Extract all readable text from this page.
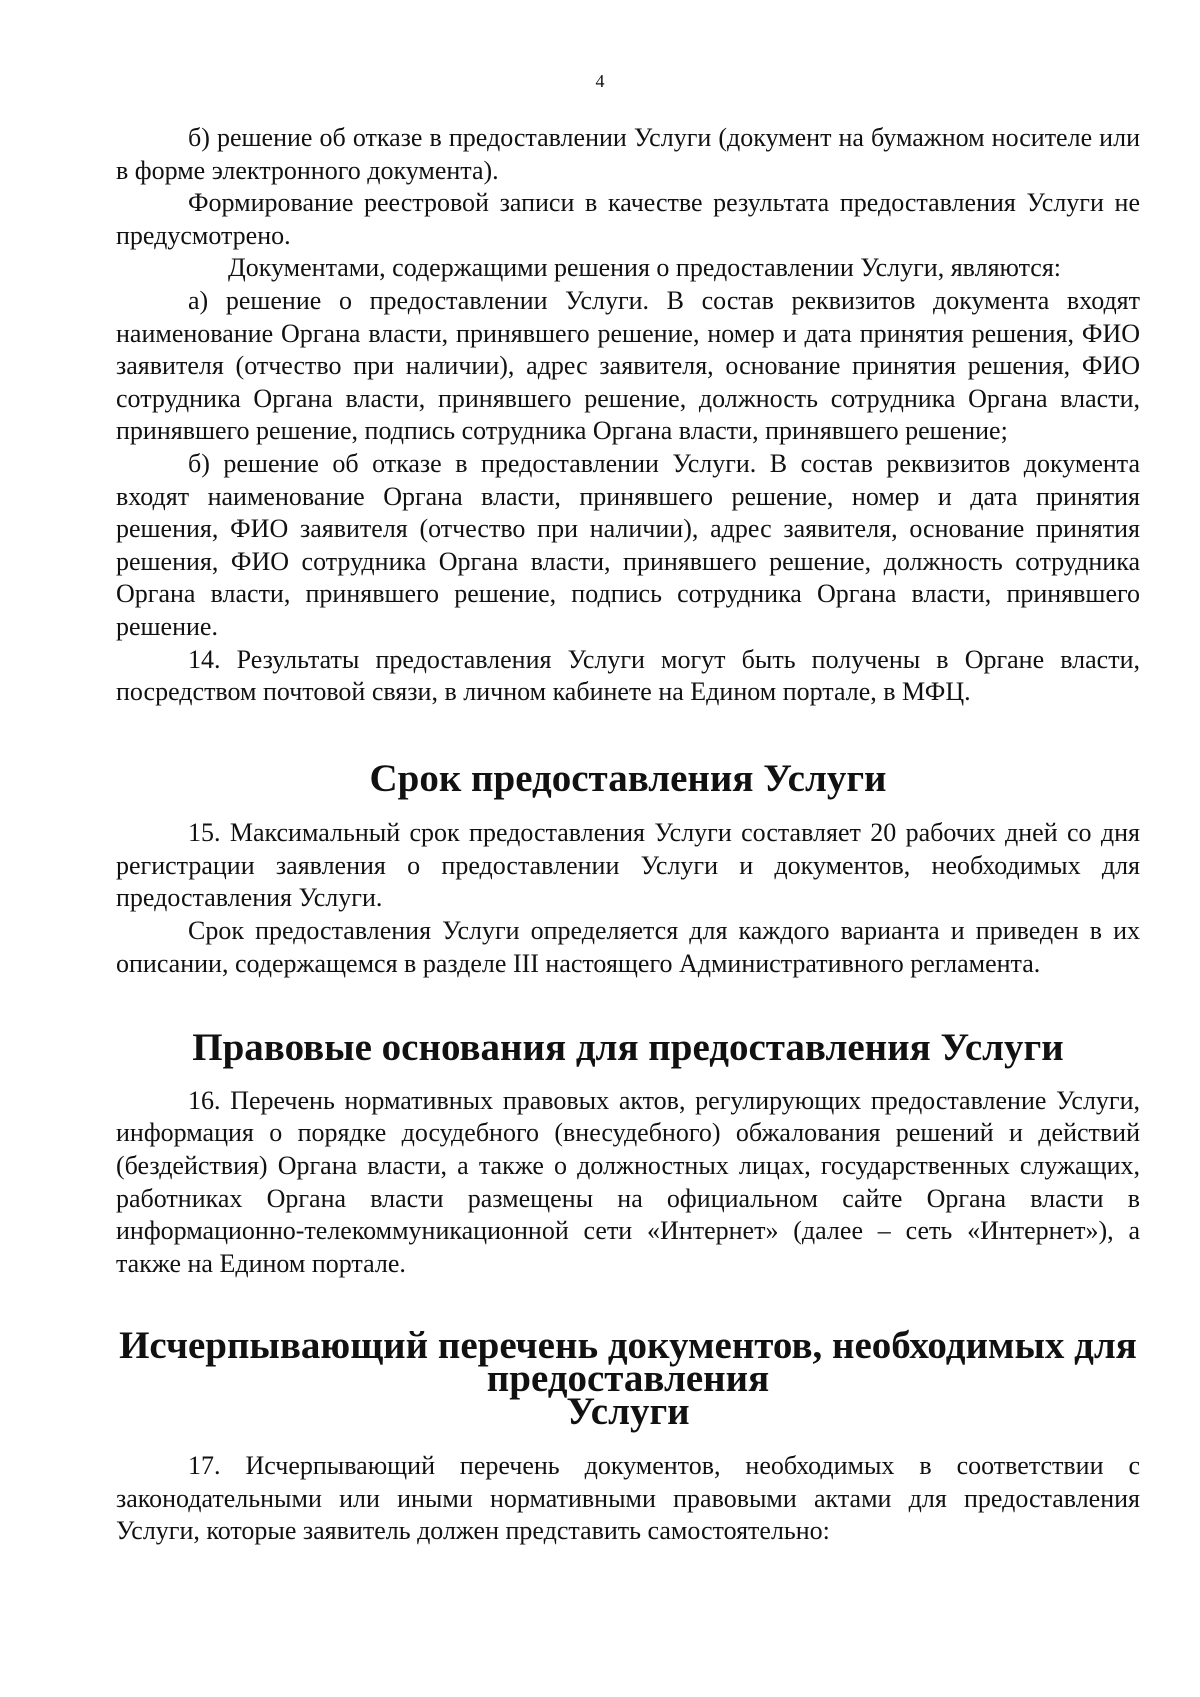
4

б) решение об отказе в предоставлении Услуги (документ на бумажном носителе или в форме электронного документа).

Формирование реестровой записи в качестве результата предоставления Услуги не предусмотрено.

Документами, содержащими решения о предоставлении Услуги, являются:

а) решение о предоставлении Услуги. В состав реквизитов документа входят наименование Органа власти, принявшего решение, номер и дата принятия решения, ФИО заявителя (отчество при наличии), адрес заявителя, основание принятия решения, ФИО сотрудника Органа власти, принявшего решение, должность сотрудника Органа власти, принявшего решение, подпись сотрудника Органа власти, принявшего решение;

б) решение об отказе в предоставлении Услуги. В состав реквизитов документа входят наименование Органа власти, принявшего решение, номер и дата принятия решения, ФИО заявителя (отчество при наличии), адрес заявителя, основание принятия решения, ФИО сотрудника Органа власти, принявшего решение, должность сотрудника Органа власти, принявшего решение, подпись сотрудника Органа власти, принявшего решение.

14. Результаты предоставления Услуги могут быть получены в Органе власти, посредством почтовой связи, в личном кабинете на Едином портале, в МФЦ.

Срок предоставления Услуги

15. Максимальный срок предоставления Услуги составляет 20 рабочих дней со дня регистрации заявления о предоставлении Услуги и документов, необходимых для предоставления Услуги.

Срок предоставления Услуги определяется для каждого варианта и приведен в их описании, содержащемся в разделе III настоящего Административного регламента.

Правовые основания для предоставления Услуги

16. Перечень нормативных правовых актов, регулирующих предоставление Услуги, информация о порядке досудебного (внесудебного) обжалования решений и действий (бездействия) Органа власти, а также о должностных лицах, государственных служащих, работниках Органа власти размещены на официальном сайте Органа власти в информационно-телекоммуникационной сети «Интернет» (далее – сеть «Интернет»), а также на Едином портале.

Исчерпывающий перечень документов, необходимых для предоставления
Услуги

17. Исчерпывающий перечень документов, необходимых в соответствии с законодательными или иными нормативными правовыми актами для предоставления Услуги, которые заявитель должен представить самостоятельно:
